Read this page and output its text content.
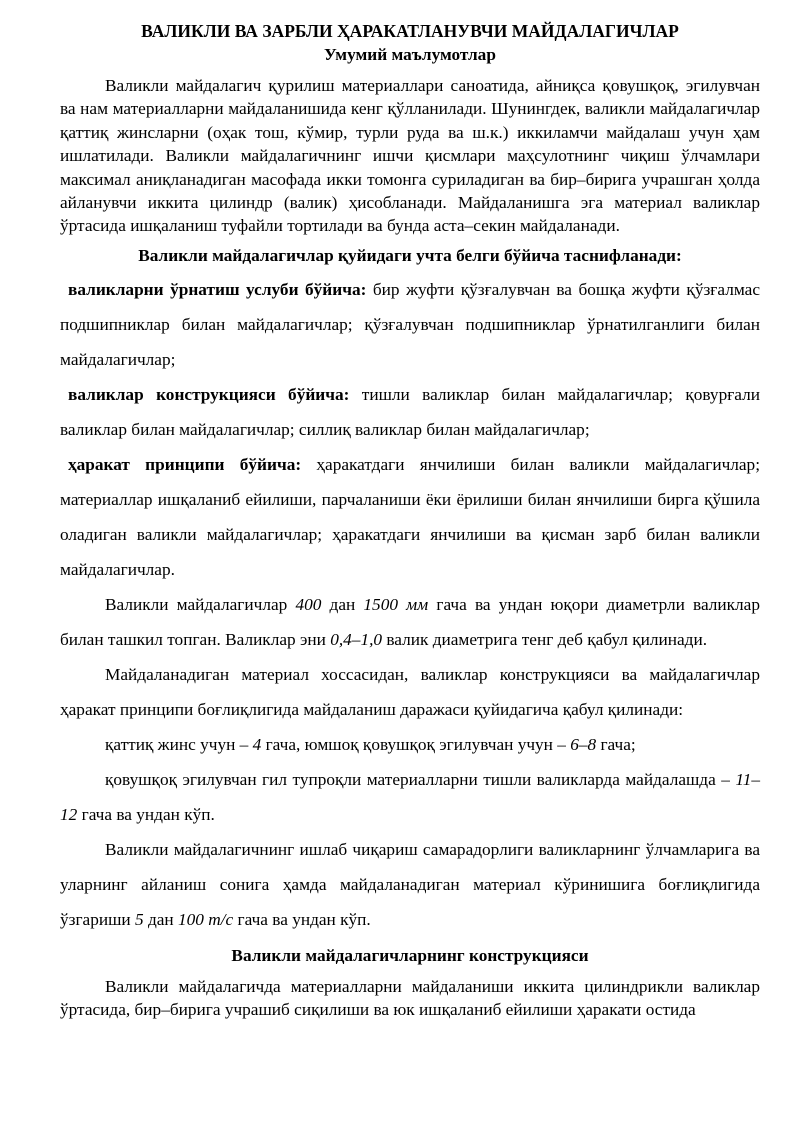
ВАЛИКЛИ ВА ЗАРБЛИ ҲАРАКАТЛАНУВЧИ МАЙДАЛАГИЧЛАР
Умумий маълумотлар

Валикли майдалагич қурилиш материаллари саноатида, айниқса қовушқоқ, эгилувчан ва нам материалларни майдаланишида кенг қўлланилади. Шунингдек, валикли майдалагичлар қаттиқ жинсларни (оҳак тош, кўмир, турли руда ва ш.к.) иккиламчи майдалаш учун ҳам ишлатилади. Валикли майдалагичнинг ишчи қисмлари маҳсулотнинг чиқиш ўлчамлари максимал аниқланадиган масофада икки томонга суриладиган ва бир–бирига учрашган ҳолда айланувчи иккита цилиндр (валик) ҳисобланади. Майдаланишга эга материал валиклар ўртасида ишқаланиш туфайли тортилади ва бунда аста–секин майдаланади.

Валикли майдалагичлар қуйидаги учта белги бўйича таснифланади:

валикларни ўрнатиш услуби бўйича: бир жуфти қўзғалувчан ва бошқа жуфти қўзғалмас подшипниклар билан майдалагичлар; қўзғалувчан подшипниклар ўрнатилганлиги билан майдалагичлар;

валиклар конструкцияси бўйича: тишли валиклар билан майдалагичлар; қовурғали валиклар билан майдалагичлар; силлиқ валиклар билан майдалагичлар;

ҳаракат принципи бўйича: ҳаракатдаги янчилиши билан валикли майдалагичлар; материаллар ишқаланиб ейилиши, парчаланиши ёки ёрилиши билан янчилиши бирга қўшила оладиган валикли майдалагичлар; ҳаракатдаги янчилиши ва қисман зарб билан валикли майдалагичлар.

Валикли майдалагичлар 400 дан 1500 мм гача ва ундан юқори диаметрли валиклар билан ташкил топган. Валиклар эни 0,4–1,0 валик диаметрига тенг деб қабул қилинади.

Майдаланадиган материал хоссасидан, валиклар конструкцияси ва майдалагичлар ҳаракат принципи боғлиқлигида майдаланиш даражаси қуйидагича қабул қилинади:

қаттиқ жинс учун – 4 гача, юмшоқ қовушқоқ эгилувчан учун – 6–8 гача;

қовушқоқ эгилувчан гил тупроқли материалларни тишли валикларда майдалашда – 11–12 гача ва ундан кўп.

Валикли майдалагичнинг ишлаб чиқариш самарадорлиги валикларнинг ўлчамларига ва уларнинг айланиш сонига ҳамда майдаланадиган материал кўринишига боғлиқлигида ўзгариши 5 дан 100 т/с гача ва ундан кўп.

Валикли майдалагичларнинг конструкцияси

Валикли майдалагичда материалларни майдаланиши иккита цилиндрикли валиклар ўртасида, бир–бирига учрашиб сиқилиши ва юк ишқаланиб ейилиши ҳаракати остида
